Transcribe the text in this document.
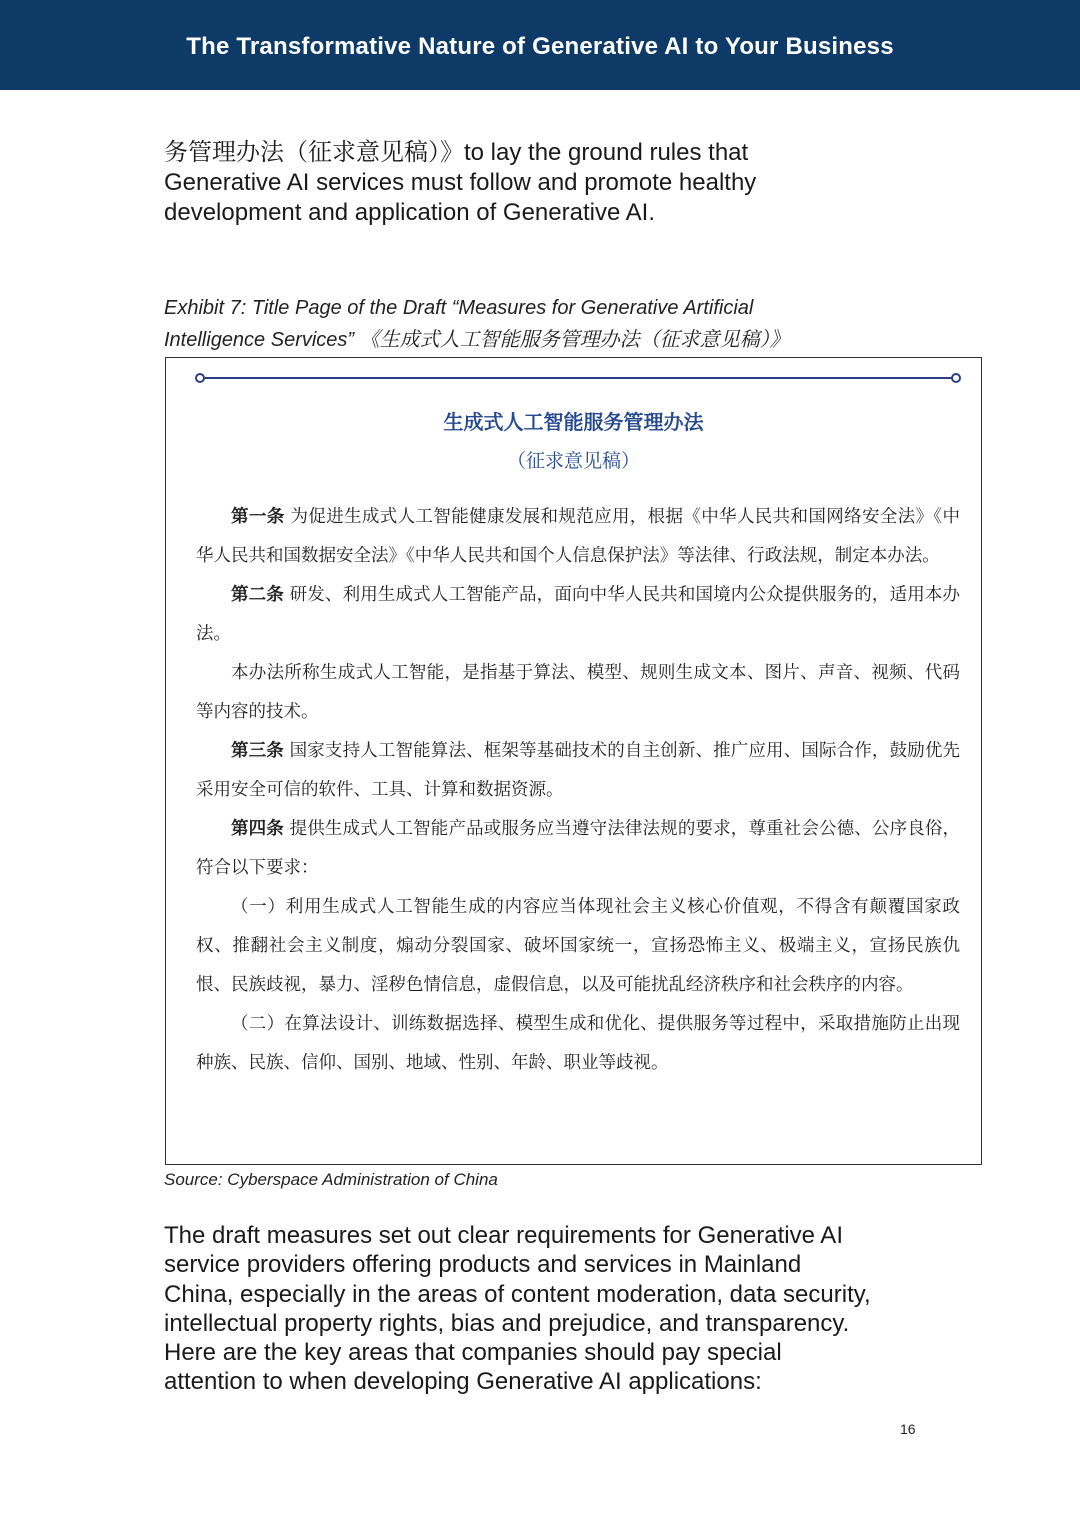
The Transformative Nature of Generative AI to Your Business

务管理办法（征求意见稿）》to lay the ground rules that

Generative AI services must follow and promote healthy

development and application of Generative AI.

Exhibit 7: Title Page of the Draft “Measures for Generative Artificial

Intelligence Services” 《生成式人工智能服务管理办法（征求意见稿）》

生成式人工智能服务管理办法
（征求意见稿）

第一条 为促进生成式人工智能健康发展和规范应用，根据《中华人民共和国网络安全法》《中华人民共和国数据安全法》《中华人民共和国个人信息保护法》等法律、行政法规，制定本办法。

第二条 研发、利用生成式人工智能产品，面向中华人民共和国境内公众提供服务的，适用本办法。

本办法所称生成式人工智能，是指基于算法、模型、规则生成文本、图片、声音、视频、代码等内容的技术。

第三条 国家支持人工智能算法、框架等基础技术的自主创新、推广应用、国际合作，鼓励优先采用安全可信的软件、工具、计算和数据资源。

第四条 提供生成式人工智能产品或服务应当遵守法律法规的要求，尊重社会公德、公序良俗，符合以下要求：

（一）利用生成式人工智能生成的内容应当体现社会主义核心价值观，不得含有颠覆国家政权、推翻社会主义制度，煽动分裂国家、破坏国家统一，宣扬恐怖主义、极端主义，宣扬民族仇恨、民族歧视，暴力、淫秽色情信息，虚假信息，以及可能扰乱经济秩序和社会秩序的内容。

（二）在算法设计、训练数据选择、模型生成和优化、提供服务等过程中，采取措施防止出现种族、民族、信仰、国别、地域、性别、年龄、职业等歧视。

Source: Cyberspace Administration of China

The draft measures set out clear requirements for Generative AI

service providers offering products and services in Mainland

China, especially in the areas of content moderation, data security,

intellectual property rights, bias and prejudice, and transparency.

Here are the key areas that companies should pay special

attention to when developing Generative AI applications:

16
